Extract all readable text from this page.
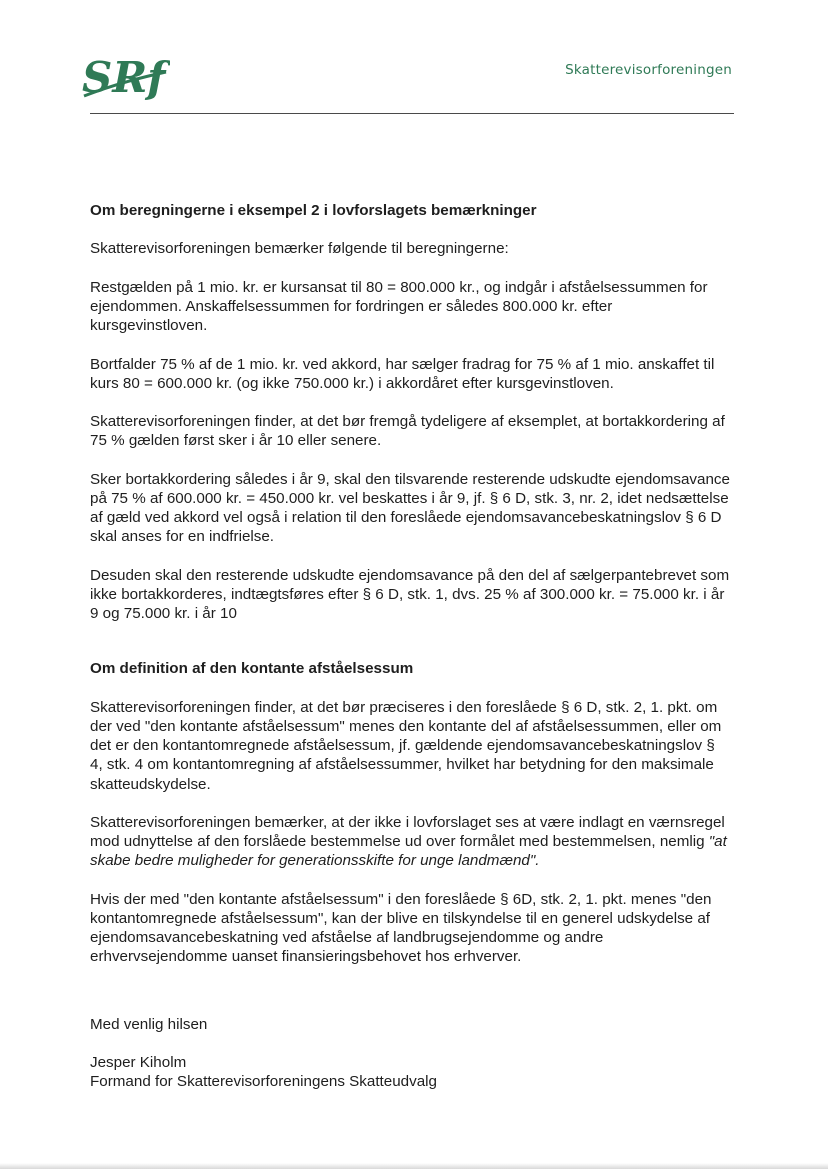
SRf	Skatterevisorforeningen

Om beregningerne i eksempel 2 i lovforslagets bemærkninger

Skatterevisorforeningen bemærker følgende til beregningerne:

Restgælden på 1 mio. kr. er kursansat til 80 = 800.000 kr., og indgår i afståelsessummen for ejendommen. Anskaffelsessummen for fordringen er således 800.000 kr. efter kursgevinstloven.

Bortfalder 75 % af de 1 mio. kr. ved akkord, har sælger fradrag for 75 % af 1 mio. anskaffet til kurs 80 = 600.000 kr. (og ikke 750.000 kr.) i akkordåret efter kursgevinstloven.

Skatterevisorforeningen finder, at det bør fremgå tydeligere af eksemplet, at bortakkordering af 75 % gælden først sker i år 10 eller senere.

Sker bortakkordering således i år 9, skal den tilsvarende resterende udskudte ejendomsavance på 75 % af 600.000 kr. = 450.000 kr. vel beskattes i år 9, jf. § 6 D, stk. 3, nr. 2, idet nedsættelse af gæld ved akkord vel også i relation til den foreslåede ejendomsavancebeskatningslov § 6 D skal anses for en indfrielse.

Desuden skal den resterende udskudte ejendomsavance på den del af sælgerpantebrevet som ikke bortakkorderes, indtægtsføres efter § 6 D, stk. 1, dvs. 25 % af 300.000 kr. = 75.000 kr. i år 9 og 75.000 kr. i år 10

Om definition af den kontante afståelsessum

Skatterevisorforeningen finder, at det bør præciseres i den foreslåede § 6 D, stk. 2, 1. pkt. om der ved "den kontante afståelsessum" menes den kontante del af afståelsessummen, eller om det er den kontantomregnede afståelsessum, jf. gældende ejendomsavancebeskatningslov § 4, stk. 4 om kontantomregning af afståelsessummer, hvilket har betydning for den maksimale skatteudskydelse.

Skatterevisorforeningen bemærker, at der ikke i lovforslaget ses at være indlagt en værnsregel mod udnyttelse af den forslåede bestemmelse ud over formålet med bestemmelsen, nemlig "at skabe bedre muligheder for generationsskifte for unge landmænd".

Hvis der med "den kontante afståelsessum" i den foreslåede § 6D, stk. 2, 1. pkt. menes "den kontantomregnede afståelsessum", kan der blive en tilskyndelse til en generel udskydelse af ejendomsavancebeskatning ved afståelse af landbrugsejendomme og andre erhvervsejendomme uanset finansieringsbehovet hos erhverver.

Med venlig hilsen

Jesper Kiholm

Formand for Skatterevisorforeningens Skatteudvalg
